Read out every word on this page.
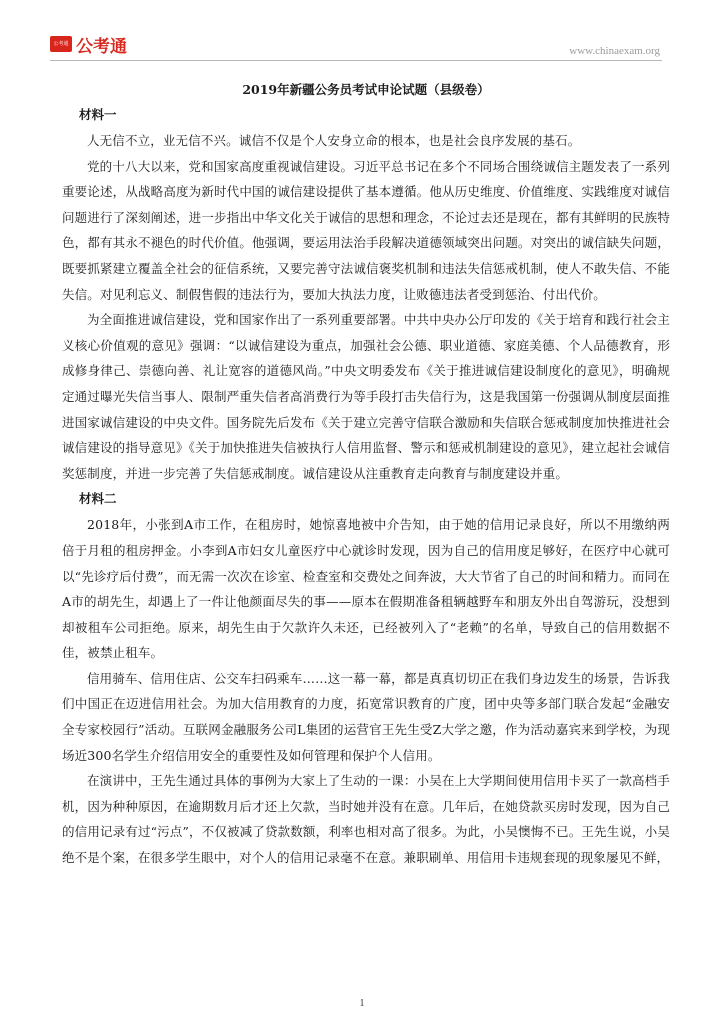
公考通 公考通	www.chinaexam.org
2019年新疆公务员考试申论试题（县级卷）
材料一

人无信不立，业无信不兴。诚信不仅是个人安身立命的根本，也是社会良序发展的基石。

党的十八大以来，党和国家高度重视诚信建设。习近平总书记在多个不同场合围绕诚信主题发表了一系列重要论述，从战略高度为新时代中国的诚信建设提供了基本遵循。他从历史维度、价值维度、实践维度对诚信问题进行了深刻阐述，进一步指出中华文化关于诚信的思想和理念，不论过去还是现在，都有其鲜明的民族特色，都有其永不褪色的时代价值。他强调，要运用法治手段解决道德领域突出问题。对突出的诚信缺失问题，既要抓紧建立覆盖全社会的征信系统，又要完善守法诚信褒奖机制和违法失信惩戒机制，使人不敢失信、不能失信。对见利忘义、制假售假的违法行为，要加大执法力度，让败德违法者受到惩治、付出代价。

为全面推进诚信建设，党和国家作出了一系列重要部署。中共中央办公厅印发的《关于培育和践行社会主义核心价值观的意见》强调：“以诚信建设为重点，加强社会公德、职业道德、家庭美德、个人品德教育，形成修身律己、崇德向善、礼让宽容的道德风尚。”中央文明委发布《关于推进诚信建设制度化的意见》，明确规定通过曝光失信当事人、限制严重失信者高消费行为等手段打击失信行为，这是我国第一份强调从制度层面推进国家诚信建设的中央文件。国务院先后发布《关于建立完善守信联合激励和失信联合惩戒制度加快推进社会诚信建设的指导意见》《关于加快推进失信被执行人信用监督、警示和惩戒机制建设的意见》，建立起社会诚信奖惩制度，并进一步完善了失信惩戒制度。诚信建设从注重教育走向教育与制度建设并重。

材料二

2018年，小张到A市工作，在租房时，她惊喜地被中介告知，由于她的信用记录良好，所以不用缴纳两倍于月租的租房押金。小李到A市妇女儿童医疗中心就诊时发现，因为自己的信用度足够好，在医疗中心就可以“先诊疗后付费”，而无需一次次在诊室、检查室和交费处之间奔波，大大节省了自己的时间和精力。而同在A市的胡先生，却遇上了一件让他颜面尽失的事——原本在假期准备租辆越野车和朋友外出自驾游玩，没想到却被租车公司拒绝。原来，胡先生由于欠款许久未还，已经被列入了“老赖”的名单，导致自己的信用数据不佳，被禁止租车。

信用骑车、信用住店、公交车扫码乘车……这一幕一幕，都是真真切切正在我们身边发生的场景，告诉我们中国正在迈进信用社会。为加大信用教育的力度，拓宽常识教育的广度，团中央等多部门联合发起“金融安全专家校园行”活动。互联网金融服务公司L集团的运营官王先生受Z大学之邀，作为活动嘉宾来到学校，为现场近300名学生介绍信用安全的重要性及如何管理和保护个人信用。

在演讲中，王先生通过具体的事例为大家上了生动的一课：小吴在上大学期间使用信用卡买了一款高档手机，因为种种原因，在逾期数月后才还上欠款，当时她并没有在意。几年后，在她贷款买房时发现，因为自己的信用记录有过“污点”，不仅被减了贷款数额，利率也相对高了很多。为此，小吴懊悔不已。王先生说，小吴绝不是个案，在很多学生眼中，对个人的信用记录毫不在意。兼职刷单、用信用卡违规套现的现象屡见不鲜，

1
